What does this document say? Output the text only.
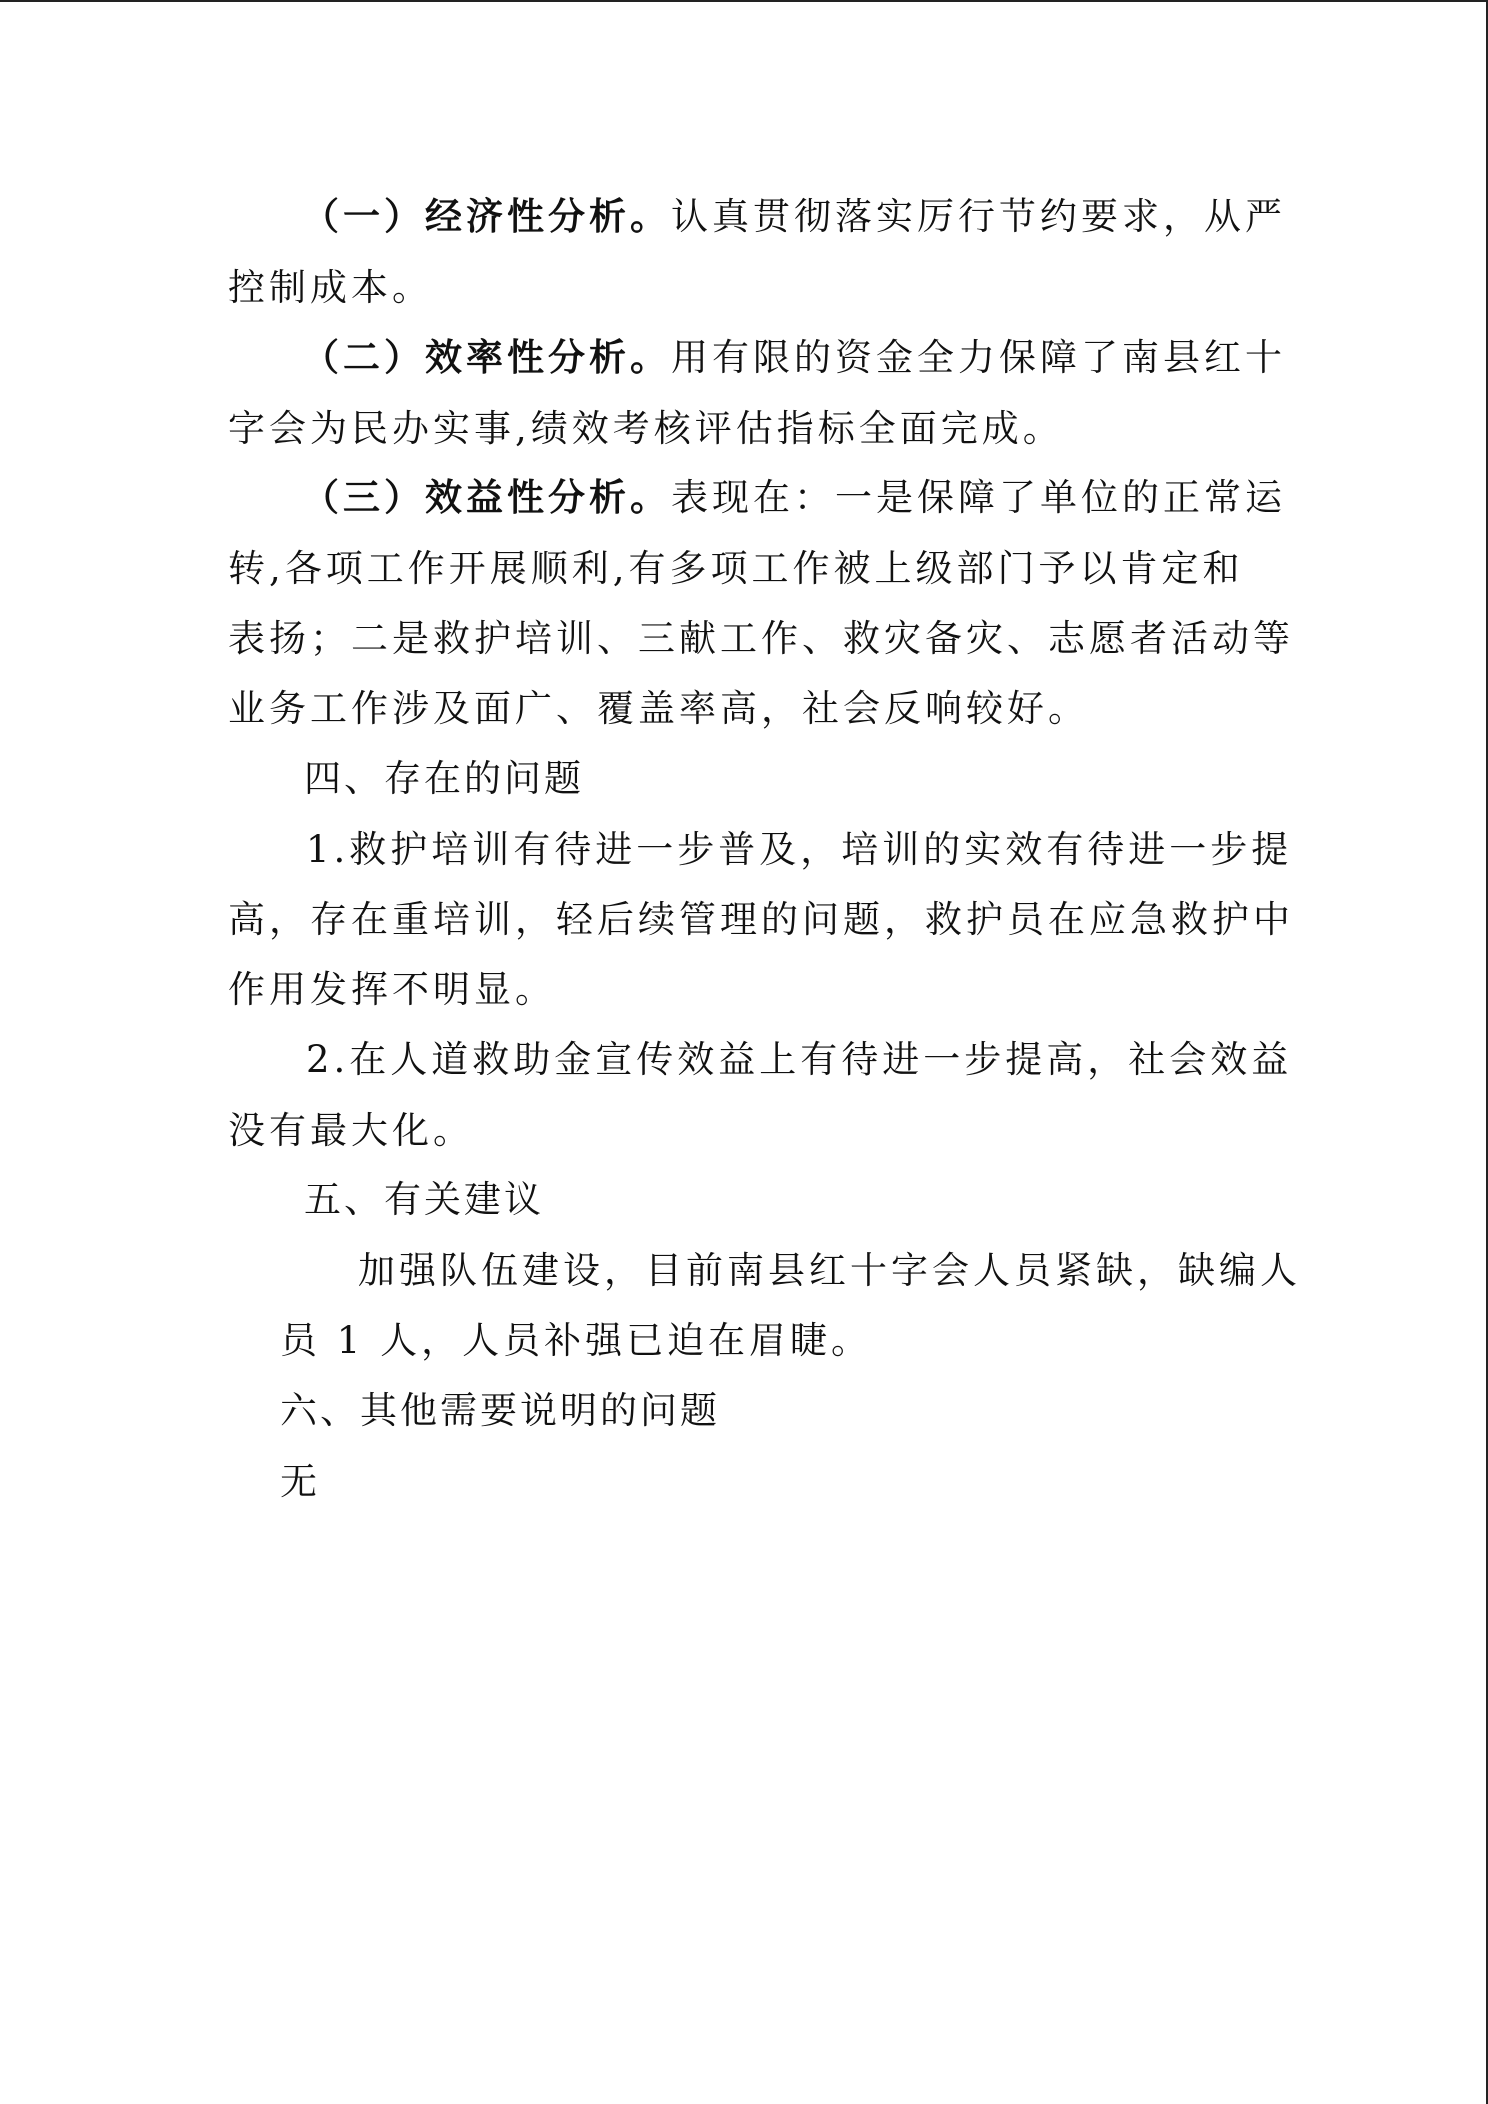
（一）经济性分析。认真贯彻落实厉行节约要求，从严
控制成本。
（二）效率性分析。用有限的资金全力保障了南县红十
字会为民办实事,绩效考核评估指标全面完成。
（三）效益性分析。表现在：一是保障了单位的正常运
转,各项工作开展顺利,有多项工作被上级部门予以肯定和
表扬；二是救护培训、三献工作、救灾备灾、志愿者活动等
业务工作涉及面广、覆盖率高，社会反响较好。
四、存在的问题
1.救护培训有待进一步普及，培训的实效有待进一步提
高，存在重培训，轻后续管理的问题，救护员在应急救护中
作用发挥不明显。
2.在人道救助金宣传效益上有待进一步提高，社会效益
没有最大化。
五、有关建议
加强队伍建设，目前南县红十字会人员紧缺，缺编人
员 1 人，人员补强已迫在眉睫。
六、其他需要说明的问题
无
